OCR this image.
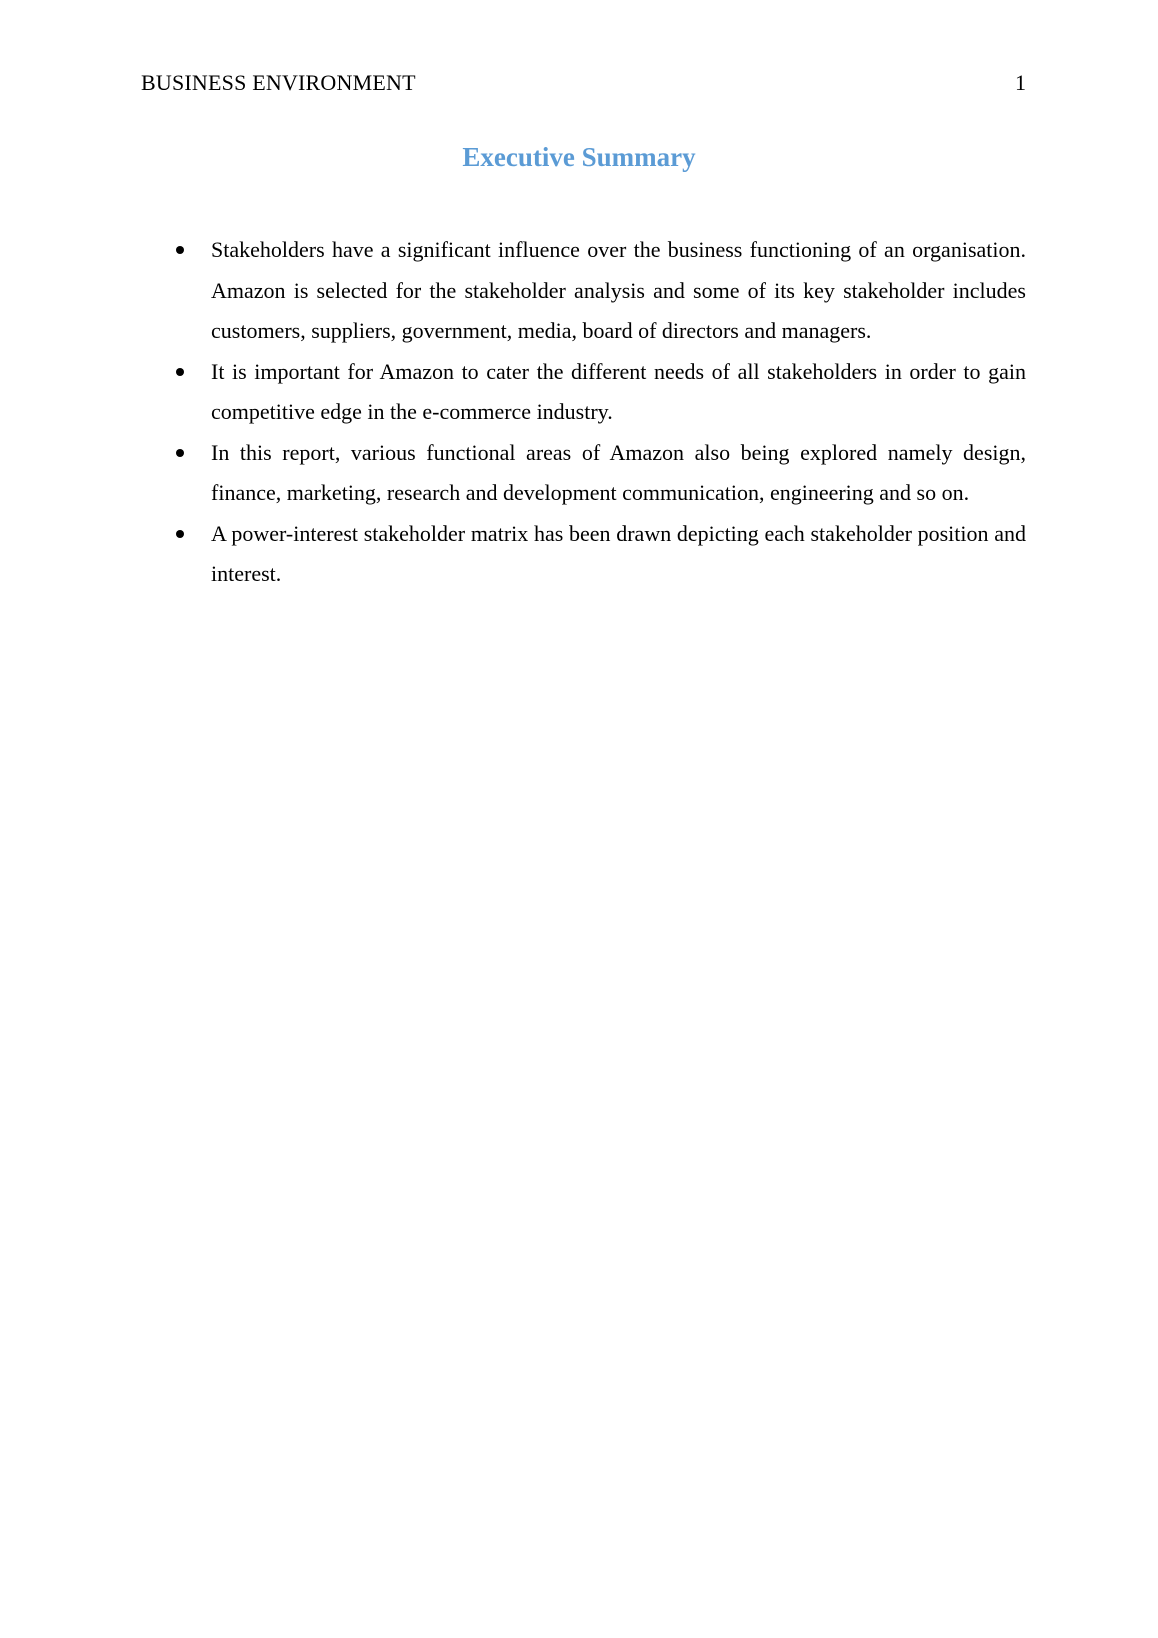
BUSINESS ENVIRONMENT	1
Executive Summary
Stakeholders have a significant influence over the business functioning of an organisation. Amazon is selected for the stakeholder analysis and some of its key stakeholder includes customers, suppliers, government, media, board of directors and managers.
It is important for Amazon to cater the different needs of all stakeholders in order to gain competitive edge in the e-commerce industry.
In this report, various functional areas of Amazon also being explored namely design, finance, marketing, research and development communication, engineering and so on.
A power-interest stakeholder matrix has been drawn depicting each stakeholder position and interest.
